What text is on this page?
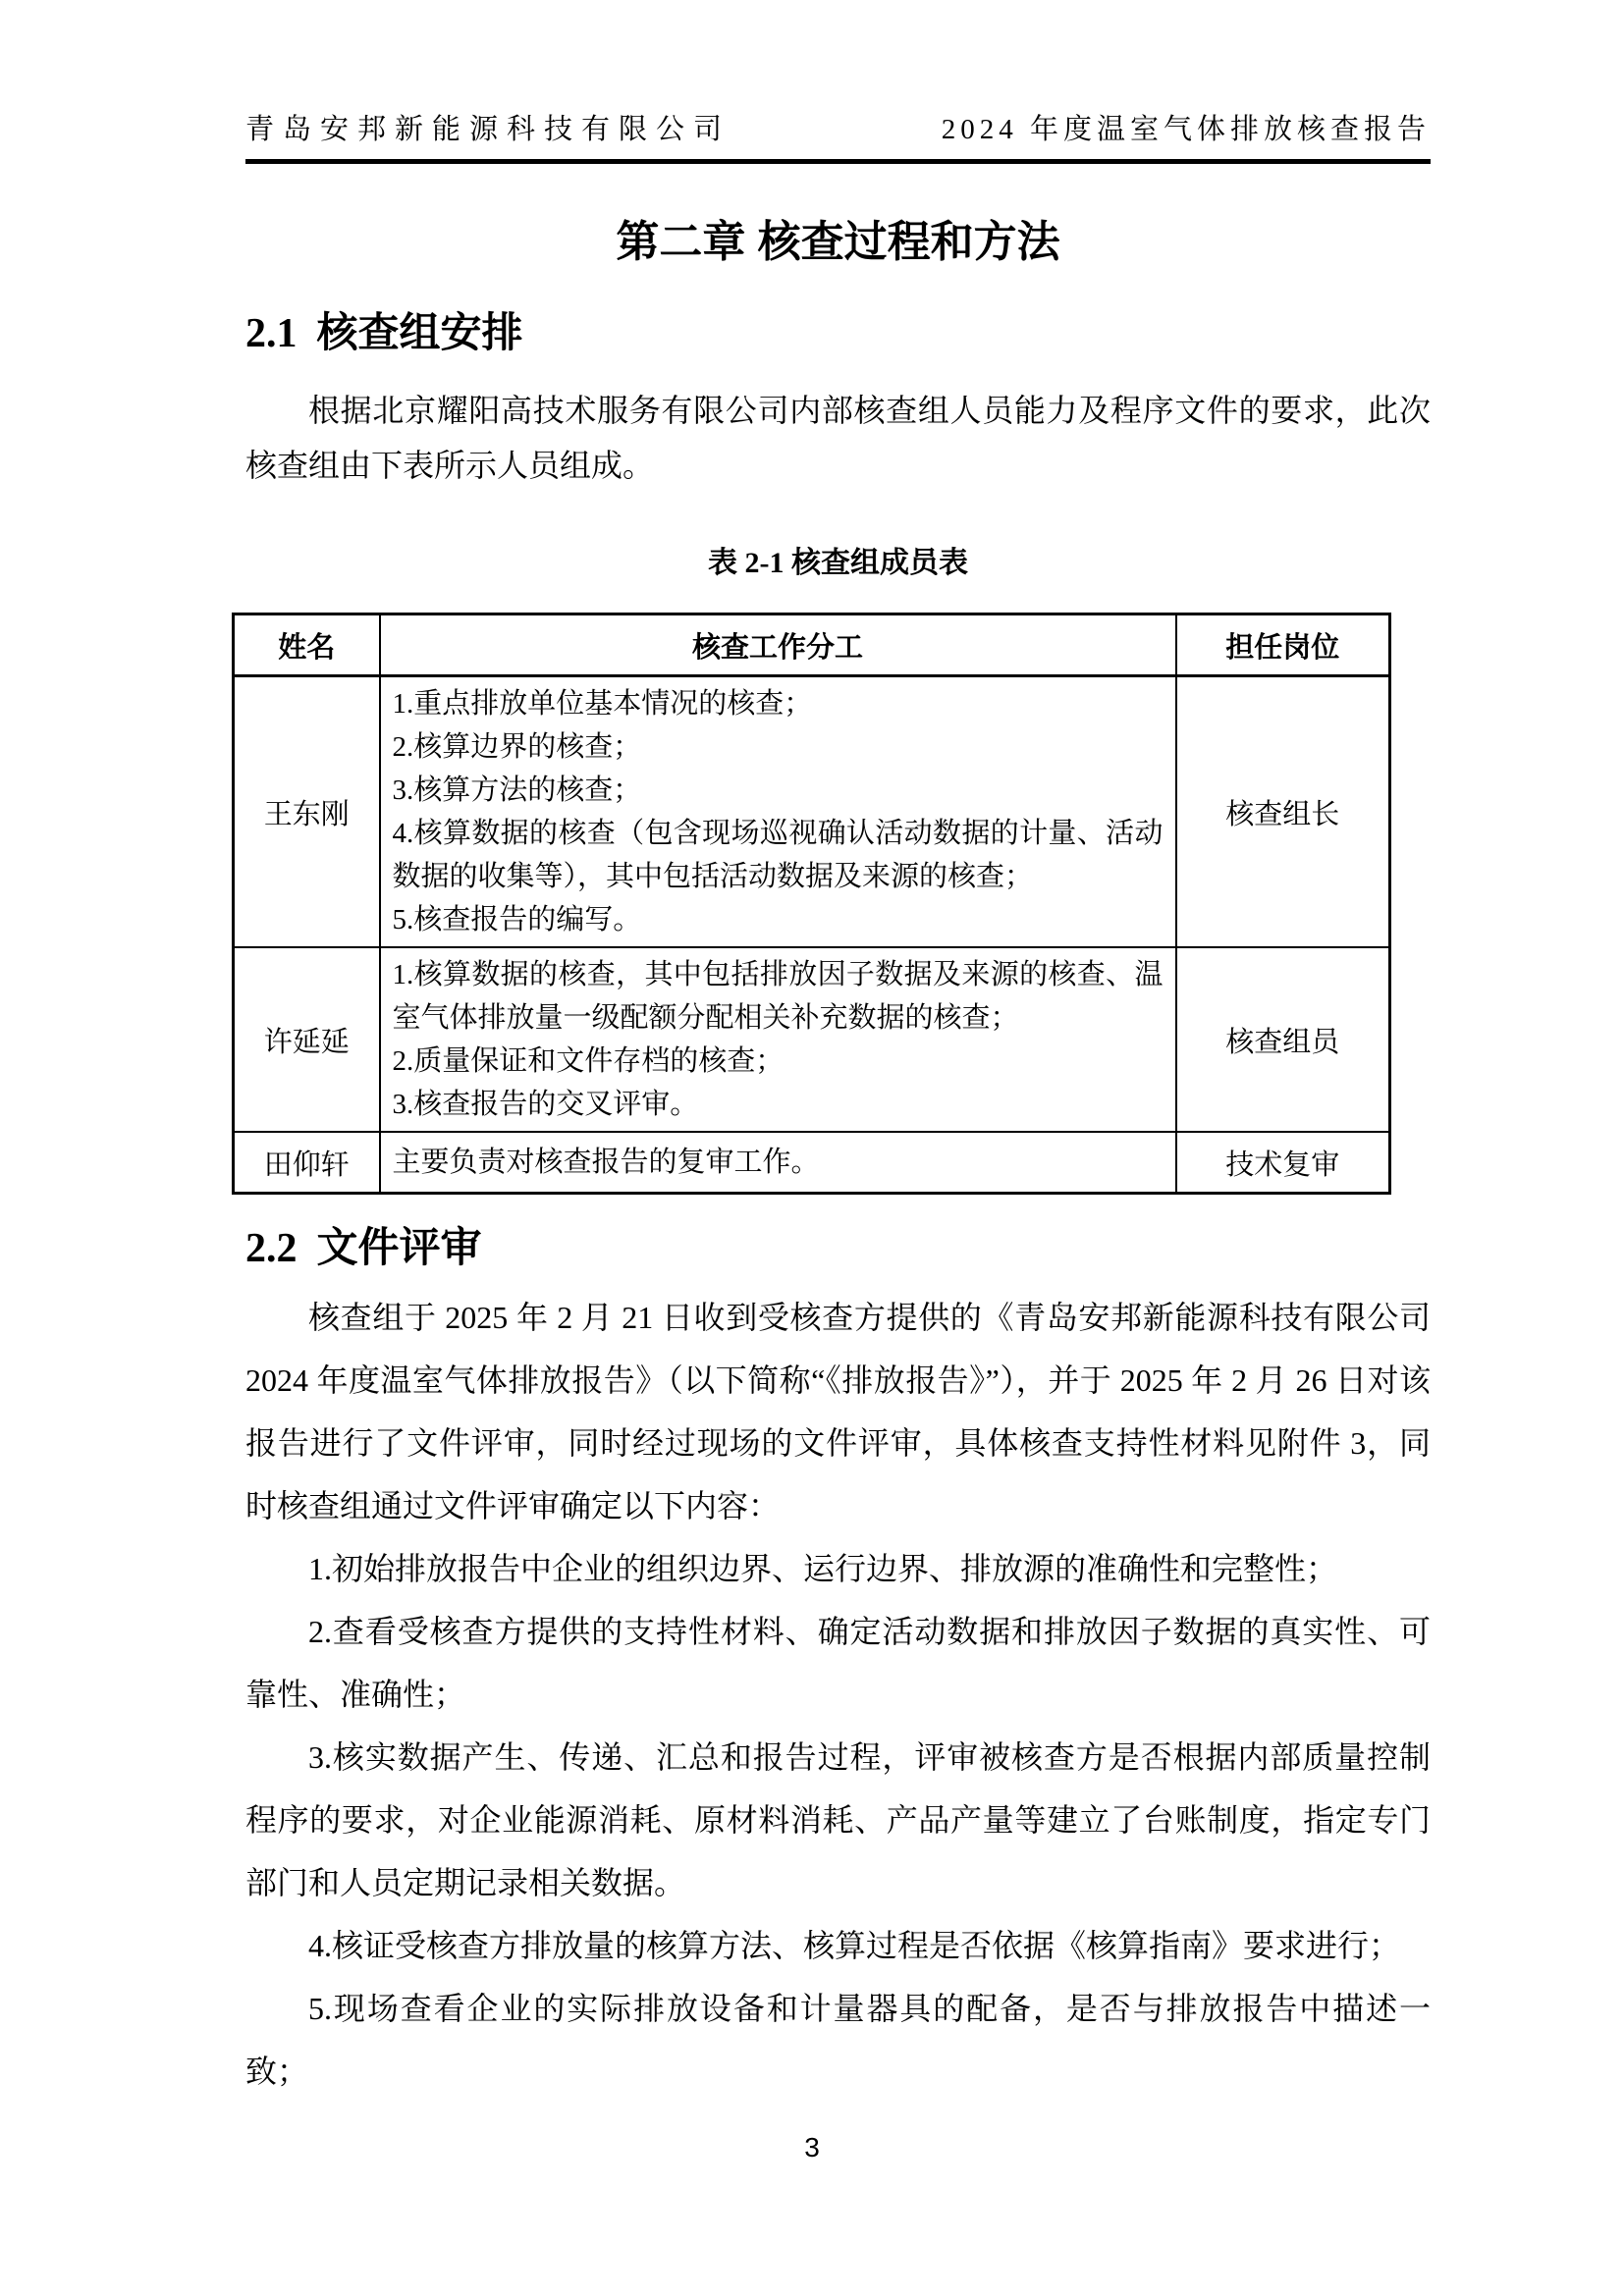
青岛安邦新能源科技有限公司	2024 年度温室气体排放核查报告
第二章 核查过程和方法
2.1 核查组安排

根据北京耀阳高技术服务有限公司内部核查组人员能力及程序文件的要求，此次核查组由下表所示人员组成。

表 2-1 核查组成员表
姓名	核查工作分工	担任岗位
王东刚	1.重点排放单位基本情况的核查；
2.核算边界的核查；
3.核算方法的核查；
4.核算数据的核查（包含现场巡视确认活动数据的计量、活动数据的收集等），其中包括活动数据及来源的核查；
5.核查报告的编写。	核查组长
许延延	1.核算数据的核查，其中包括排放因子数据及来源的核查、温室气体排放量一级配额分配相关补充数据的核查；
2.质量保证和文件存档的核查；
3.核查报告的交叉评审。	核查组员
田仰轩	主要负责对核查报告的复审工作。	技术复审
2.2 文件评审

核查组于 2025 年 2 月 21 日收到受核查方提供的《青岛安邦新能源科技有限公司 2024 年度温室气体排放报告》（以下简称“《排放报告》”），并于 2025 年 2 月 26 日对该报告进行了文件评审，同时经过现场的文件评审，具体核查支持性材料见附件 3，同时核查组通过文件评审确定以下内容：

1.初始排放报告中企业的组织边界、运行边界、排放源的准确性和完整性；

2.查看受核查方提供的支持性材料、确定活动数据和排放因子数据的真实性、可靠性、准确性；

3.核实数据产生、传递、汇总和报告过程，评审被核查方是否根据内部质量控制程序的要求，对企业能源消耗、原材料消耗、产品产量等建立了台账制度，指定专门部门和人员定期记录相关数据。

4.核证受核查方排放量的核算方法、核算过程是否依据《核算指南》要求进行；

5.现场查看企业的实际排放设备和计量器具的配备，是否与排放报告中描述一致；

3
